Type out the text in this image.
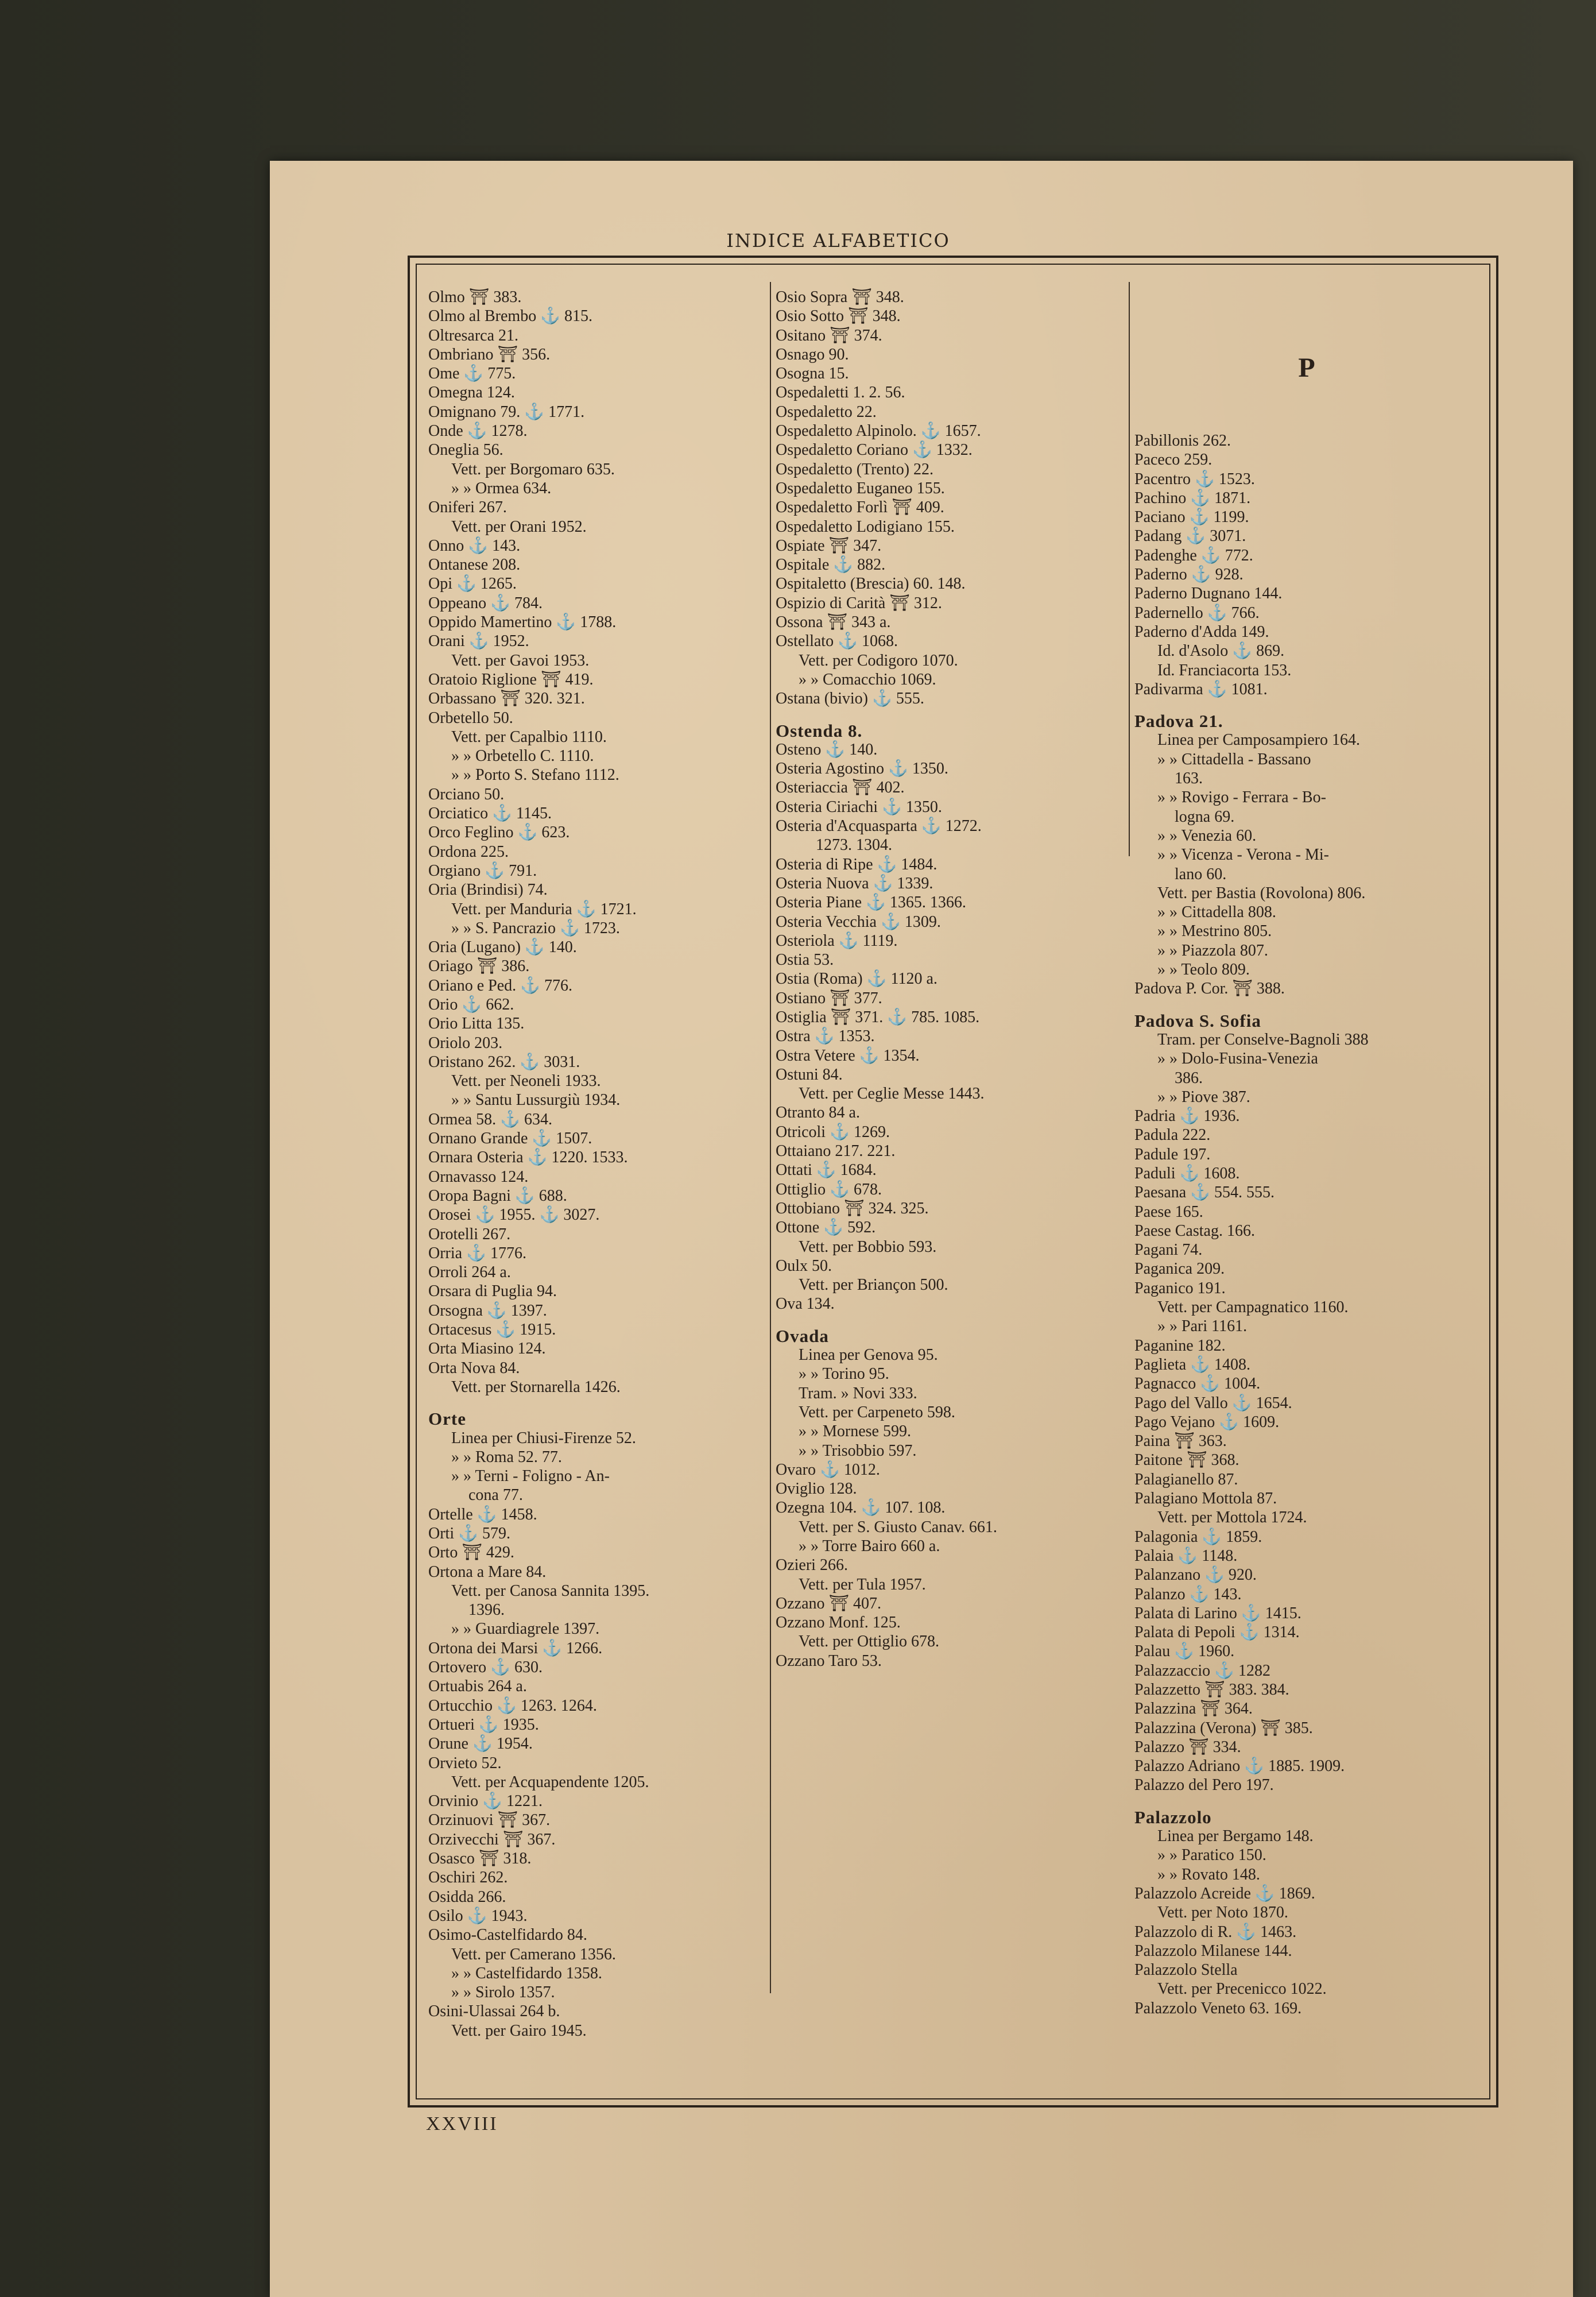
INDICE ALFABETICO
Olmo ⛩ 383.
Olmo al Brembo ⚓ 815.
Oltresarca 21.
Ombriano ⛩ 356.
Ome ⚓ 775.
Omegna 124.
Omignano 79. ⚓ 1771.
Onde ⚓ 1278.
Oneglia 56.
Vett. per Borgomaro 635.
» » Ormea 634.
Oniferi 267.
Vett. per Orani 1952.
Onno ⚓ 143.
Ontanese 208.
Opi ⚓ 1265.
Oppeano ⚓ 784.
Oppido Mamertino ⚓ 1788.
Orani ⚓ 1952.
Vett. per Gavoi 1953.
Oratoio Riglione ⛩ 419.
Orbassano ⛩ 320. 321.
Orbetello 50.
Vett. per Capalbio 1110.
» » Orbetello C. 1110.
» » Porto S. Stefano 1112.
Orciano 50.
Orciatico ⚓ 1145.
Orco Feglino ⚓ 623.
Ordona 225.
Orgiano ⚓ 791.
Oria (Brindisi) 74.
Vett. per Manduria ⚓ 1721.
» » S. Pancrazio ⚓ 1723.
Oria (Lugano) ⚓ 140.
Oriago ⛩ 386.
Oriano e Ped. ⚓ 776.
Orio ⚓ 662.
Orio Litta 135.
Oriolo 203.
Oristano 262. ⚓ 3031.
Vett. per Neoneli 1933.
» » Santu Lussurgiù 1934.
Ormea 58. ⚓ 634.
Ornano Grande ⚓ 1507.
Ornara Osteria ⚓ 1220. 1533.
Ornavasso 124.
Oropa Bagni ⚓ 688.
Orosei ⚓ 1955. ⚓ 3027.
Orotelli 267.
Orria ⚓ 1776.
Orroli 264 a.
Orsara di Puglia 94.
Orsogna ⚓ 1397.
Ortacesus ⚓ 1915.
Orta Miasino 124.
Orta Nova 84.
Vett. per Stornarella 1426.
Orte
Linea per Chiusi-Firenze 52.
» » Roma 52. 77.
» » Terni - Foligno - An-
cona 77.
Ortelle ⚓ 1458.
Orti ⚓ 579.
Orto ⛩ 429.
Ortona a Mare 84.
Vett. per Canosa Sannita 1395.
1396.
» » Guardiagrele 1397.
Ortona dei Marsi ⚓ 1266.
Ortovero ⚓ 630.
Ortuabis 264 a.
Ortucchio ⚓ 1263. 1264.
Ortueri ⚓ 1935.
Orune ⚓ 1954.
Orvieto 52.
Vett. per Acquapendente 1205.
Orvinio ⚓ 1221.
Orzinuovi ⛩ 367.
Orzivecchi ⛩ 367.
Osasco ⛩ 318.
Oschiri 262.
Osidda 266.
Osilo ⚓ 1943.
Osimo-Castelfidardo 84.
Vett. per Camerano 1356.
» » Castelfidardo 1358.
» » Sirolo 1357.
Osini-Ulassai 264 b.
Vett. per Gairo 1945.
Osio Sopra ⛩ 348.
Osio Sotto ⛩ 348.
Ositano ⛩ 374.
Osnago 90.
Osogna 15.
Ospedaletti 1. 2. 56.
Ospedaletto 22.
Ospedaletto Alpinolo. ⚓ 1657.
Ospedaletto Coriano ⚓ 1332.
Ospedaletto (Trento) 22.
Ospedaletto Euganeo 155.
Ospedaletto Forlì ⛩ 409.
Ospedaletto Lodigiano 155.
Ospiate ⛩ 347.
Ospitale ⚓ 882.
Ospitaletto (Brescia) 60. 148.
Ospizio di Carità ⛩ 312.
Ossona ⛩ 343 a.
Ostellato ⚓ 1068.
Vett. per Codigoro 1070.
» » Comacchio 1069.
Ostana (bivio) ⚓ 555.
Ostenda 8.
Osteno ⚓ 140.
Osteria Agostino ⚓ 1350.
Osteriaccia ⛩ 402.
Osteria Ciriachi ⚓ 1350.
Osteria d'Acquasparta ⚓ 1272.
1273. 1304.
Osteria di Ripe ⚓ 1484.
Osteria Nuova ⚓ 1339.
Osteria Piane ⚓ 1365. 1366.
Osteria Vecchia ⚓ 1309.
Osteriola ⚓ 1119.
Ostia 53.
Ostia (Roma) ⚓ 1120 a.
Ostiano ⛩ 377.
Ostiglia ⛩ 371. ⚓ 785. 1085.
Ostra ⚓ 1353.
Ostra Vetere ⚓ 1354.
Ostuni 84.
Vett. per Ceglie Messe 1443.
Otranto 84 a.
Otricoli ⚓ 1269.
Ottaiano 217. 221.
Ottati ⚓ 1684.
Ottiglio ⚓ 678.
Ottobiano ⛩ 324. 325.
Ottone ⚓ 592.
Vett. per Bobbio 593.
Oulx 50.
Vett. per Briançon 500.
Ova 134.
Ovada
Linea per Genova 95.
» » Torino 95.
Tram. » Novi 333.
Vett. per Carpeneto 598.
» » Mornese 599.
» » Trisobbio 597.
Ovaro ⚓ 1012.
Oviglio 128.
Ozegna 104. ⚓ 107. 108.
Vett. per S. Giusto Canav. 661.
» » Torre Bairo 660 a.
Ozieri 266.
Vett. per Tula 1957.
Ozzano ⛩ 407.
Ozzano Monf. 125.
Vett. per Ottiglio 678.
Ozzano Taro 53.
P
Pabillonis 262.
Paceco 259.
Pacentro ⚓ 1523.
Pachino ⚓ 1871.
Paciano ⚓ 1199.
Padang ⚓ 3071.
Padenghe ⚓ 772.
Paderno ⚓ 928.
Paderno Dugnano 144.
Padernello ⚓ 766.
Paderno d'Adda 149.
Id. d'Asolo ⚓ 869.
Id. Franciacorta 153.
Padivarma ⚓ 1081.
Padova 21.
Linea per Camposampiero 164.
» » Cittadella - Bassano
163.
» » Rovigo - Ferrara - Bo-
logna 69.
» » Venezia 60.
» » Vicenza - Verona - Mi-
lano 60.
Vett. per Bastia (Rovolona) 806.
» » Cittadella 808.
» » Mestrino 805.
» » Piazzola 807.
» » Teolo 809.
Padova P. Cor. ⛩ 388.
Padova S. Sofia
Tram. per Conselve-Bagnoli 388
» » Dolo-Fusina-Venezia
386.
» » Piove 387.
Padria ⚓ 1936.
Padula 222.
Padule 197.
Paduli ⚓ 1608.
Paesana ⚓ 554. 555.
Paese 165.
Paese Castag. 166.
Pagani 74.
Paganica 209.
Paganico 191.
Vett. per Campagnatico 1160.
» » Pari 1161.
Paganine 182.
Paglieta ⚓ 1408.
Pagnacco ⚓ 1004.
Pago del Vallo ⚓ 1654.
Pago Vejano ⚓ 1609.
Paina ⛩ 363.
Paitone ⛩ 368.
Palagianello 87.
Palagiano Mottola 87.
Vett. per Mottola 1724.
Palagonia ⚓ 1859.
Palaia ⚓ 1148.
Palanzano ⚓ 920.
Palanzo ⚓ 143.
Palata di Larino ⚓ 1415.
Palata di Pepoli ⚓ 1314.
Palau ⚓ 1960.
Palazzaccio ⚓ 1282
Palazzetto ⛩ 383. 384.
Palazzina ⛩ 364.
Palazzina (Verona) ⛩ 385.
Palazzo ⛩ 334.
Palazzo Adriano ⚓ 1885. 1909.
Palazzo del Pero 197.
Palazzolo
Linea per Bergamo 148.
» » Paratico 150.
» » Rovato 148.
Palazzolo Acreide ⚓ 1869.
Vett. per Noto 1870.
Palazzolo di R. ⚓ 1463.
Palazzolo Milanese 144.
Palazzolo Stella
Vett. per Precenicco 1022.
Palazzolo Veneto 63. 169.
XXVIII
